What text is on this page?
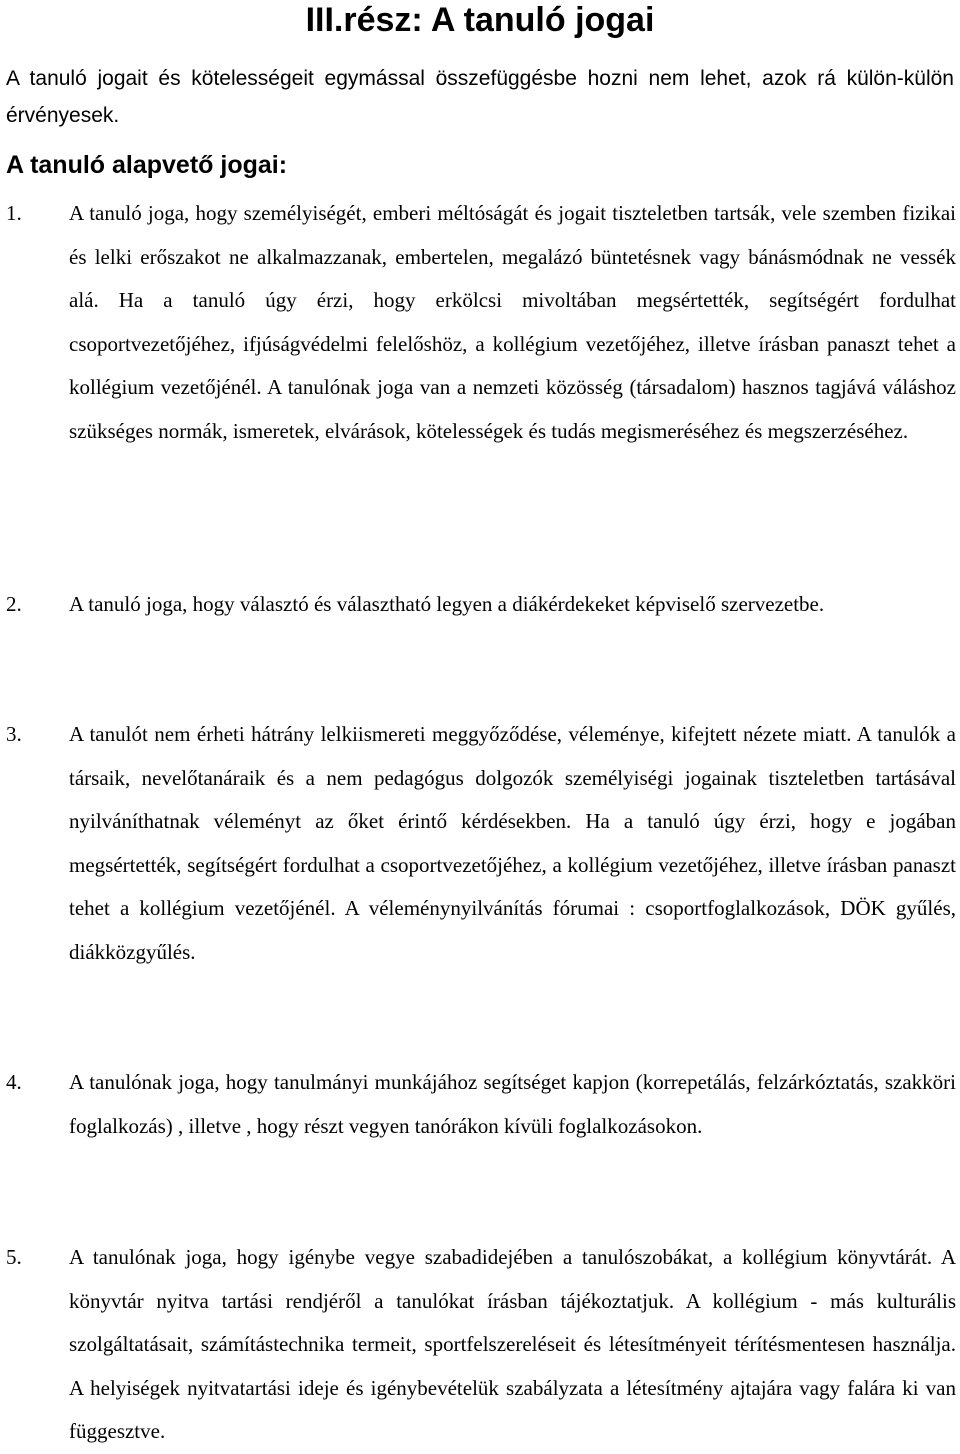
III.rész: A tanuló jogai
A tanuló jogait és kötelességeit egymással összefüggésbe hozni nem lehet, azok rá külön-külön érvényesek.
A tanuló alapvető jogai:
1. A tanuló joga, hogy személyiségét, emberi méltóságát és jogait tiszteletben tartsák, vele szemben fizikai és lelki erőszakot ne alkalmazzanak, embertelen, megalázó büntetésnek vagy bánásmódnak ne vessék alá. Ha a tanuló úgy érzi, hogy erkölcsi mivoltában megsértették, segítségért fordulhat csoportvezetőjéhez, ifjúságvédelmi felelőshöz, a kollégium vezetőjéhez, illetve írásban panaszt tehet a kollégium vezetőjénél. A tanulónak joga van a nemzeti közösség (társadalom) hasznos tagjává váláshoz szükséges normák, ismeretek, elvárások, kötelességek és tudás megismeréséhez és megszerzéséhez.
2. A tanuló joga, hogy választó és választható legyen a diákérdekeket képviselő szervezetbe.
3. A tanulót nem érheti hátrány lelkiismereti meggyőződése, véleménye, kifejtett nézete miatt. A tanulók a társaik, nevelőtanáraik és a nem pedagógus dolgozók személyiségi jogainak tiszteletben tartásával nyilváníthatnak véleményt az őket érintő kérdésekben. Ha a tanuló úgy érzi, hogy e jogában megsértették, segítségért fordulhat a csoportvezetőjéhez, a kollégium vezetőjéhez, illetve írásban panaszt tehet a kollégium vezetőjénél. A véleménynyilvánítás fórumai : csoportfoglalkozások, DÖK gyűlés, diákközgyűlés.
4. A tanulónak joga, hogy tanulmányi munkájához segítséget kapjon (korrepetálás, felzárkóztatás, szakköri foglalkozás) , illetve , hogy részt vegyen tanórákon kívüli foglalkozásokon.
5. A tanulónak joga, hogy igénybe vegye szabadidejében a tanulószobákat, a kollégium könyvtárát. A könyvtár nyitva tartási rendjéről a tanulókat írásban tájékoztatjuk. A kollégium - más kulturális szolgáltatásait, számítástechnika termeit, sportfelszereléseit és létesítményeit térítésmentesen használja. A helyiségek nyitvatartási ideje és igénybevételük szabályzata a létesítmény ajtajára vagy falára ki van függesztve.
